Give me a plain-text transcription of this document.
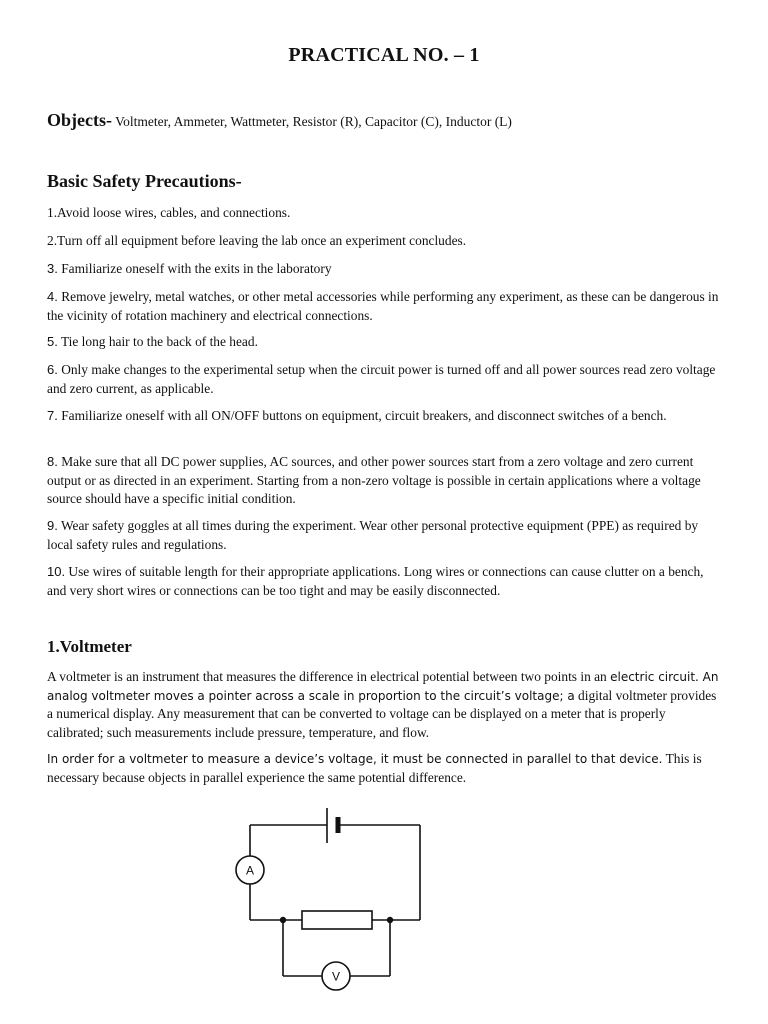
PRACTICAL NO. – 1
Objects- Voltmeter, Ammeter, Wattmeter, Resistor (R), Capacitor (C), Inductor (L)
Basic Safety Precautions-

1.Avoid loose wires, cables, and connections.

2.Turn off all equipment before leaving the lab once an experiment concludes.

3. Familiarize oneself with the exits in the laboratory

4. Remove jewelry, metal watches, or other metal accessories while performing any experiment, as these can be dangerous in the vicinity of rotation machinery and electrical connections.

5. Tie long hair to the back of the head.

6. Only make changes to the experimental setup when the circuit power is turned off and all power sources read zero voltage and zero current, as applicable.

7. Familiarize oneself with all ON/OFF buttons on equipment, circuit breakers, and disconnect switches of a bench.

8. Make sure that all DC power supplies, AC sources, and other power sources start from a zero voltage and zero current output or as directed in an experiment. Starting from a non-zero voltage is possible in certain applications where a voltage source should have a specific initial condition.

9. Wear safety goggles at all times during the experiment. Wear other personal protective equipment (PPE) as required by local safety rules and regulations.

10. Use wires of suitable length for their appropriate applications. Long wires or connections can cause clutter on a bench, and very short wires or connections can be too tight and may be easily disconnected.

1.Voltmeter

A voltmeter is an instrument that measures the difference in electrical potential between two points in an electric circuit. An analog voltmeter moves a pointer across a scale in proportion to the circuit’s voltage; a digital voltmeter provides a numerical display. Any measurement that can be converted to voltage can be displayed on a meter that is properly calibrated; such measurements include pressure, temperature, and flow.

In order for a voltmeter to measure a device’s voltage, it must be connected in parallel to that device. This is necessary because objects in parallel experience the same potential difference.

A
V
